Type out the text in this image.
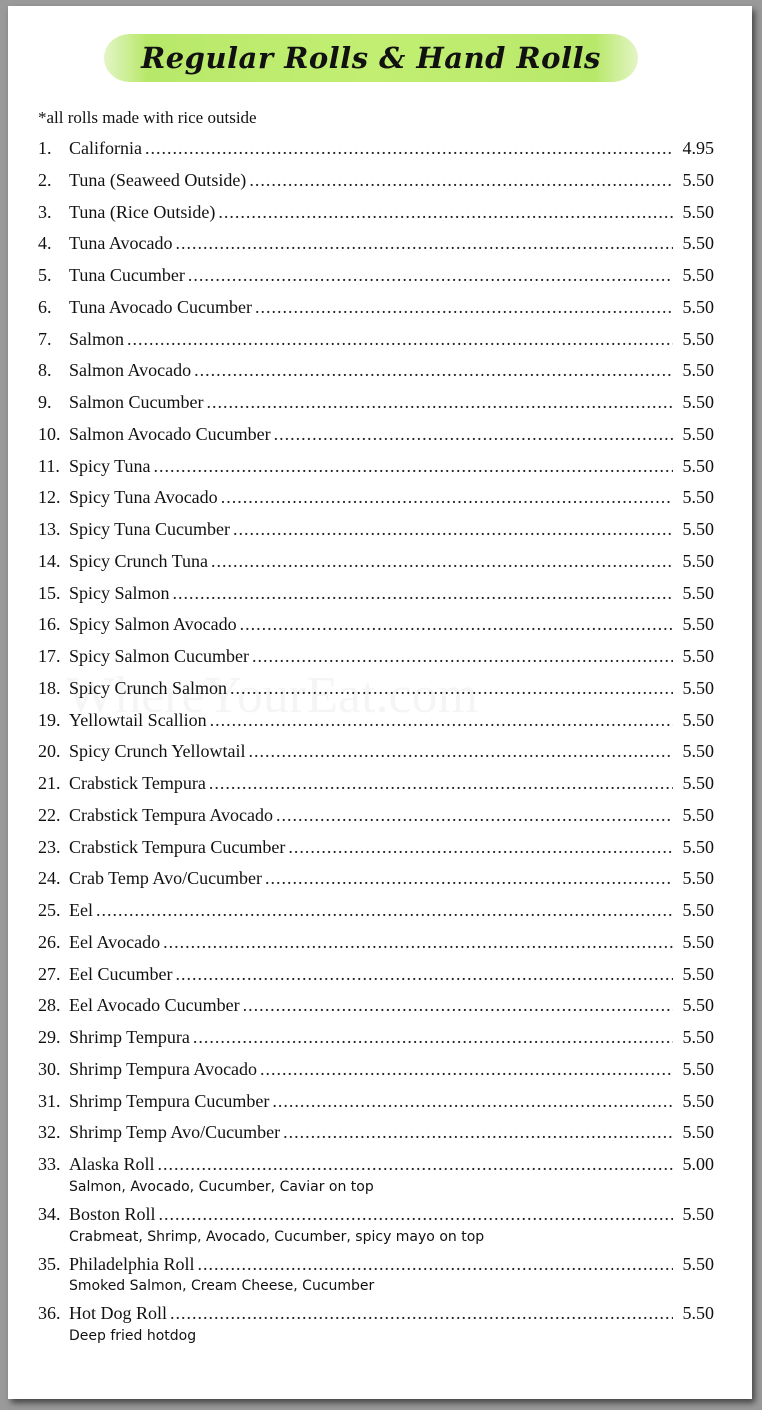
Regular Rolls & Hand Rolls
*all rolls made with rice outside
1. California .....	4.95
2. Tuna (Seaweed Outside) .....	5.50
3. Tuna (Rice Outside) .....	5.50
4. Tuna Avocado .....	5.50
5. Tuna Cucumber .....	5.50
6. Tuna Avocado Cucumber .....	5.50
7. Salmon .....	5.50
8. Salmon Avocado .....	5.50
9. Salmon Cucumber .....	5.50
10. Salmon Avocado Cucumber .....	5.50
11. Spicy Tuna .....	5.50
12. Spicy Tuna Avocado .....	5.50
13. Spicy Tuna Cucumber .....	5.50
14. Spicy Crunch Tuna .....	5.50
15. Spicy Salmon .....	5.50
16. Spicy Salmon Avocado .....	5.50
17. Spicy Salmon Cucumber .....	5.50
18. Spicy Crunch Salmon .....	5.50
19. Yellowtail Scallion .....	5.50
20. Spicy Crunch Yellowtail .....	5.50
21. Crabstick Tempura .....	5.50
22. Crabstick Tempura Avocado .....	5.50
23. Crabstick Tempura Cucumber .....	5.50
24. Crab Temp Avo/Cucumber .....	5.50
25. Eel .....	5.50
26. Eel Avocado .....	5.50
27. Eel Cucumber .....	5.50
28. Eel Avocado Cucumber .....	5.50
29. Shrimp Tempura .....	5.50
30. Shrimp Tempura Avocado .....	5.50
31. Shrimp Tempura Cucumber .....	5.50
32. Shrimp Temp Avo/Cucumber .....	5.50
33. Alaska Roll .....	5.00
Salmon, Avocado, Cucumber, Caviar on top
34. Boston Roll .....	5.50
Crabmeat, Shrimp, Avocado, Cucumber, spicy mayo on top
35. Philadelphia Roll .....	5.50
Smoked Salmon, Cream Cheese, Cucumber
36. Hot Dog Roll .....	5.50
Deep fried hotdog
